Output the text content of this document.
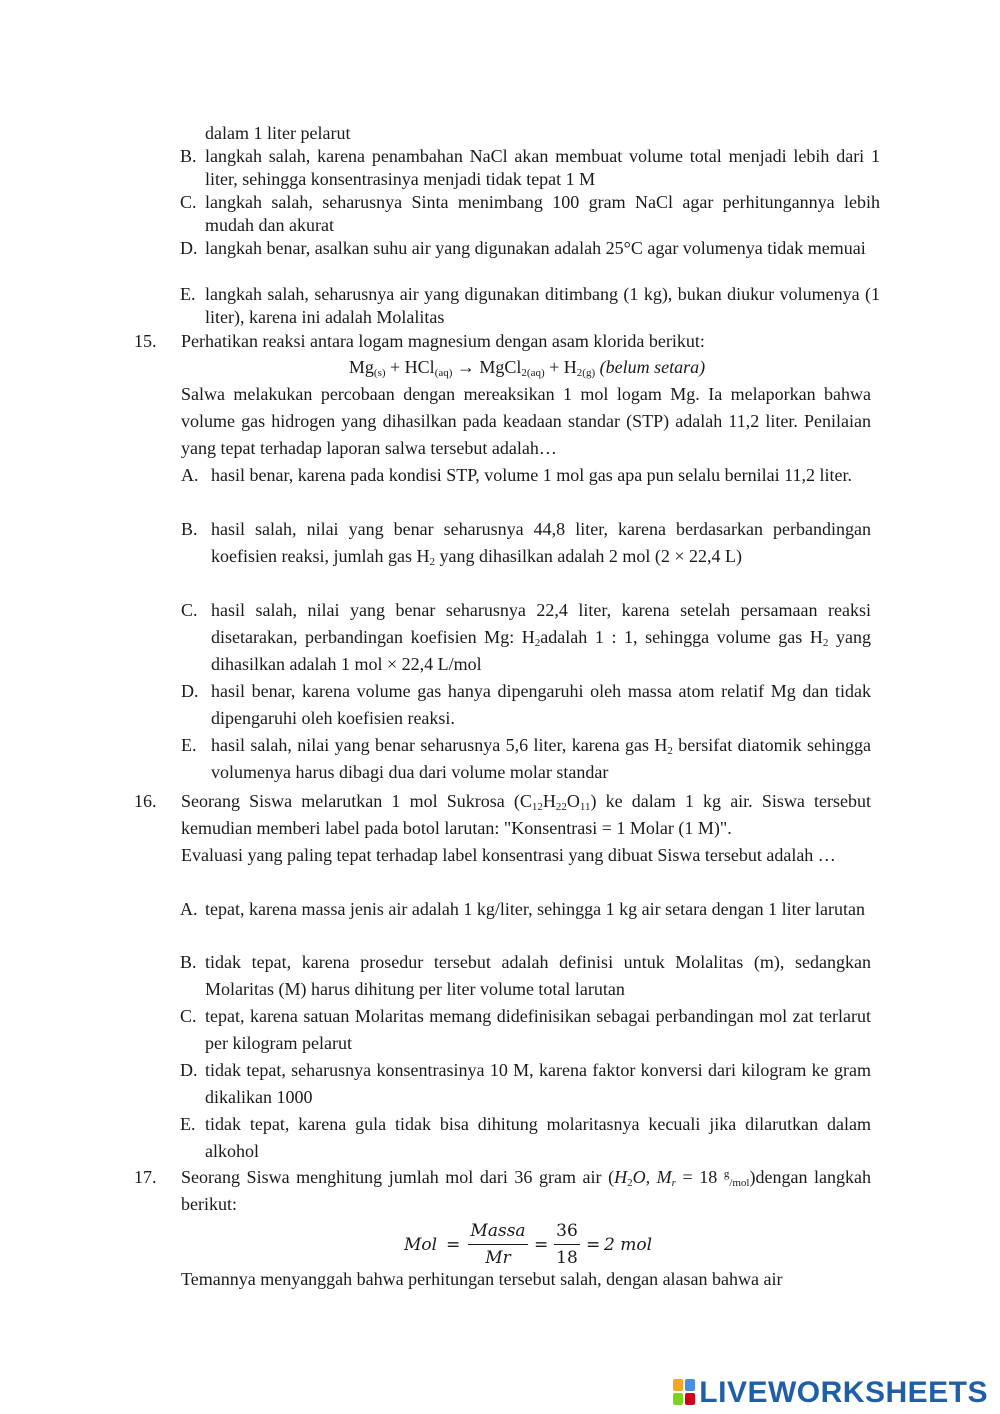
dalam 1 liter pelarut
B. langkah salah, karena penambahan NaCl akan membuat volume total menjadi lebih dari 1 liter, sehingga konsentrasinya menjadi tidak tepat 1 M
C. langkah salah, seharusnya Sinta menimbang 100 gram NaCl agar perhitungannya lebih mudah dan akurat
D. langkah benar, asalkan suhu air yang digunakan adalah 25°C agar volumenya tidak memuai
E. langkah salah, seharusnya air yang digunakan ditimbang (1 kg), bukan diukur volumenya (1 liter), karena ini adalah Molalitas
15. Perhatikan reaksi antara logam magnesium dengan asam klorida berikut:
$Mg_{(s)} + HCl_{(aq)}$ → MgCl$_{2(aq)}$ + $H_{2(g)}$ (belum setara)
Salwa melakukan percobaan dengan mereaksikan 1 mol logam Mg. Ia melaporkan bahwa volume gas hidrogen yang dihasilkan pada keadaan standar (STP) adalah 11,2 liter. Penilaian yang tepat terhadap laporan salwa tersebut adalah…
A. hasil benar, karena pada kondisi STP, volume 1 mol gas apa pun selalu bernilai 11,2 liter.
B. hasil salah, nilai yang benar seharusnya 44,8 liter, karena berdasarkan perbandingan koefisien reaksi, jumlah gas $H_2$ yang dihasilkan adalah 2 mol (2 × 22,4 L)
C. hasil salah, nilai yang benar seharusnya 22,4 liter, karena setelah persamaan reaksi disetarakan, perbandingan koefisien Mg: $H_2adalah$ 1 : 1, sehingga volume gas $H_2$ yang dihasilkan adalah 1 mol × 22,4 L/mol
D. hasil benar, karena volume gas hanya dipengaruhi oleh massa atom relatif Mg dan tidak dipengaruhi oleh koefisien reaksi.
E. hasil salah, nilai yang benar seharusnya 5,6 liter, karena gas $H_2$ bersifat diatomik sehingga volumenya harus dibagi dua dari volume molar standar
16. Seorang Siswa melarutkan 1 mol Sukrosa $(C_{12}H_{22}O_{11})$ ke dalam 1 kg air. Siswa tersebut kemudian memberi label pada botol larutan: "Konsentrasi = 1 Molar (1 M)".
Evaluasi yang paling tepat terhadap label konsentrasi yang dibuat Siswa tersebut adalah …
A. tepat, karena massa jenis air adalah 1 kg/liter, sehingga 1 kg air setara dengan 1 liter larutan
B. tidak tepat, karena prosedur tersebut adalah definisi untuk Molalitas (m), sedangkan Molaritas (M) harus dihitung per liter volume total larutan
C. tepat, karena satuan Molaritas memang didefinisikan sebagai perbandingan mol zat terlarut per kilogram pelarut
D. tidak tepat, seharusnya konsentrasinya 10 M, karena faktor konversi dari kilogram ke gram dikalikan 1000
E. tidak tepat, karena gula tidak bisa dihitung molaritasnya kecuali jika dilarutkan dalam alkohol
17. Seorang Siswa menghitung jumlah mol dari 36 gram air ($H_2O$, $M_r = 18$ $^g_{/mol}$)dengan langkah berikut:
Mol =
Massa
Mr
=
36
18
= 2 mol
Temannya menyanggah bahwa perhitungan tersebut salah, dengan alasan bahwa air
LIVEWORKSHEETS
